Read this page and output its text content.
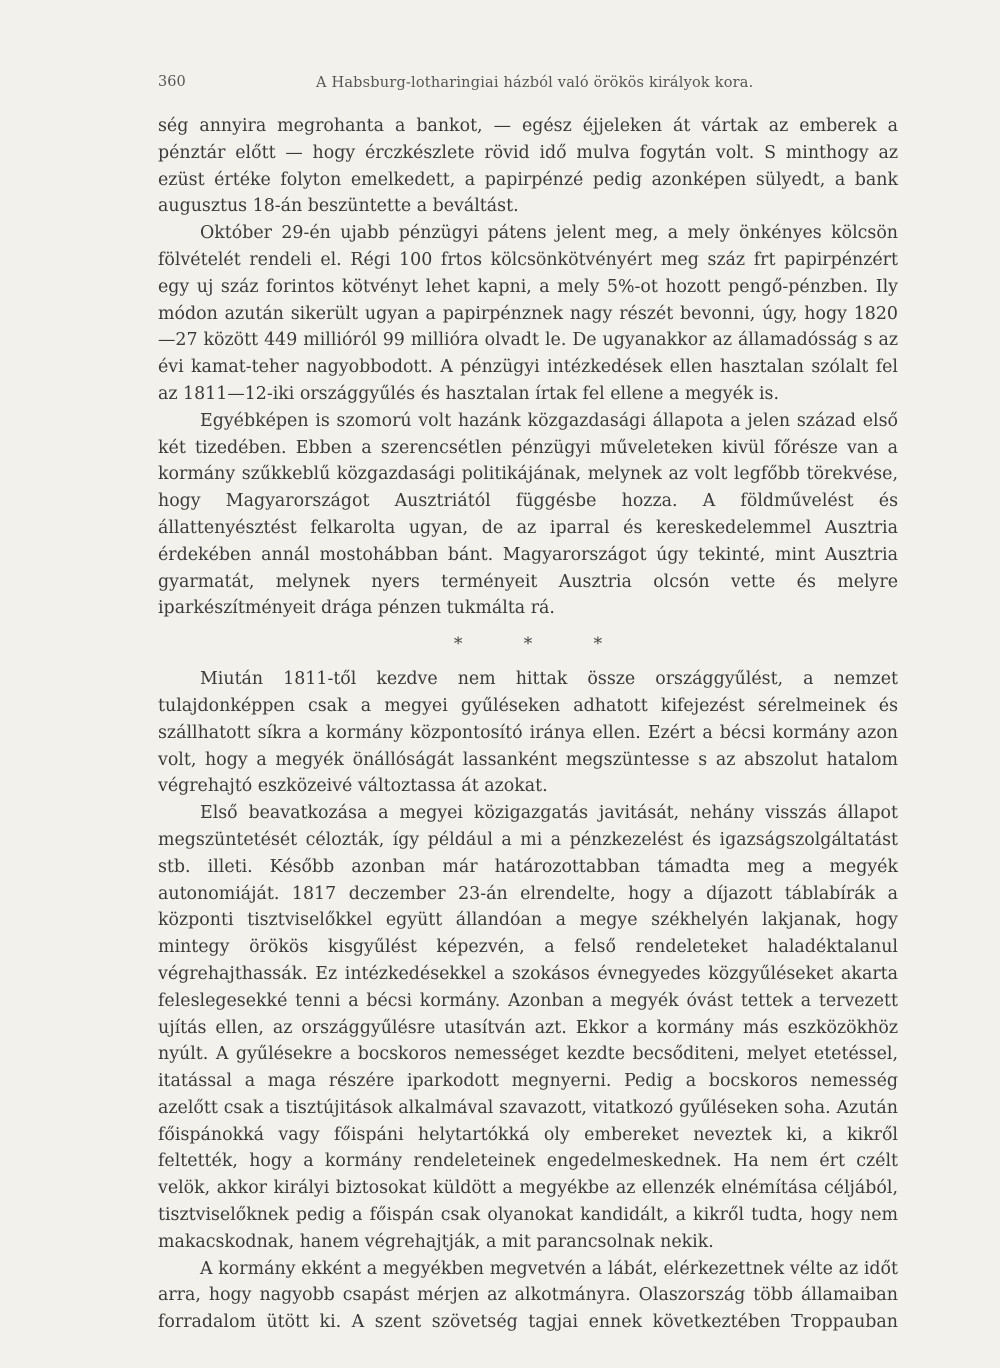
360	A Habsburg-lotharingiai házból való örökös királyok kora.

ség annyira megrohanta a bankot, — egész éjjeleken át vártak az emberek a pénztár előtt — hogy érczkészlete rövid idő mulva fogytán volt. S minthogy az ezüst értéke folyton emelkedett, a papirpénzé pedig azonképen sülyedt, a bank augusztus 18-án beszüntette a beváltást.

Október 29-én ujabb pénzügyi pátens jelent meg, a mely önkényes kölcsön fölvételét rendeli el. Régi 100 frtos kölcsönkötvényért meg száz frt papirpénzért egy uj száz forintos kötvényt lehet kapni, a mely 5%-ot hozott pengő-pénzben. Ily módon azután sikerült ugyan a papirpénznek nagy részét bevonni, úgy, hogy 1820—27 között 449 millióról 99 millióra olvadt le. De ugyanakkor az államadósság s az évi kamat-teher nagyobbodott. A pénzügyi intézkedések ellen hasztalan szólalt fel az 1811—12-iki országgyűlés és hasztalan írtak fel ellene a megyék is.

Egyébképen is szomorú volt hazánk közgazdasági állapota a jelen század első két tizedében. Ebben a szerencsétlen pénzügyi műveleteken kivül főrésze van a kormány szűkkeblű közgazdasági politikájának, melynek az volt legfőbb törekvése, hogy Magyarországot Ausztriától függésbe hozza. A földművelést és állattenyésztést felkarolta ugyan, de az iparral és kereskedelemmel Ausztria érdekében annál mostohábban bánt. Magyarországot úgy tekinté, mint Ausztria gyarmatát, melynek nyers terményeit Ausztria olcsón vette és melyre iparkészítményeit drága pénzen tukmálta rá.

* * *

Miután 1811-től kezdve nem hittak össze országgyűlést, a nemzet tulajdonképpen csak a megyei gyűléseken adhatott kifejezést sérelmeinek és szállhatott síkra a kormány központosító iránya ellen. Ezért a bécsi kormány azon volt, hogy a megyék önállóságát lassanként megszüntesse s az abszolut hatalom végrehajtó eszközeivé változtassa át azokat.

Első beavatkozása a megyei közigazgatás javitását, nehány visszás állapot megszüntetését célozták, így például a mi a pénzkezelést és igazságszolgáltatást stb. illeti. Később azonban már határozottabban támadta meg a megyék autonomiáját. 1817 deczember 23-án elrendelte, hogy a díjazott táblabírák a központi tisztviselőkkel együtt állandóan a megye székhelyén lakjanak, hogy mintegy örökös kisgyűlést képezvén, a felső rendeleteket haladéktalanul végrehajthassák. Ez intézkedésekkel a szokásos évnegyedes közgyűléseket akarta feleslegesekké tenni a bécsi kormány. Azonban a megyék óvást tettek a tervezett ujítás ellen, az országgyűlésre utasítván azt. Ekkor a kormány más eszközökhöz nyúlt. A gyűlésekre a bocskoros nemességet kezdte becsőditeni, melyet etetéssel, itatással a maga részére iparkodott megnyerni. Pedig a bocskoros nemesség azelőtt csak a tisztújitások alkalmával szavazott, vitatkozó gyűléseken soha. Azután főispánokká vagy főispáni helytartókká oly embereket neveztek ki, a kikről feltették, hogy a kormány rendeleteinek engedelmeskednek. Ha nem ért czélt velök, akkor királyi biztosokat küldött a megyékbe az ellenzék elnémítása céljából, tisztviselőknek pedig a főispán csak olyanokat kandidált, a kikről tudta, hogy nem makacskodnak, hanem végrehajtják, a mit parancsolnak nekik.

A kormány ekként a megyékben megvetvén a lábát, elérkezettnek vélte az időt arra, hogy nagyobb csapást mérjen az alkotmányra. Olaszország több államaiban forradalom ütött ki. A szent szövetség tagjai ennek következtében Troppauban
